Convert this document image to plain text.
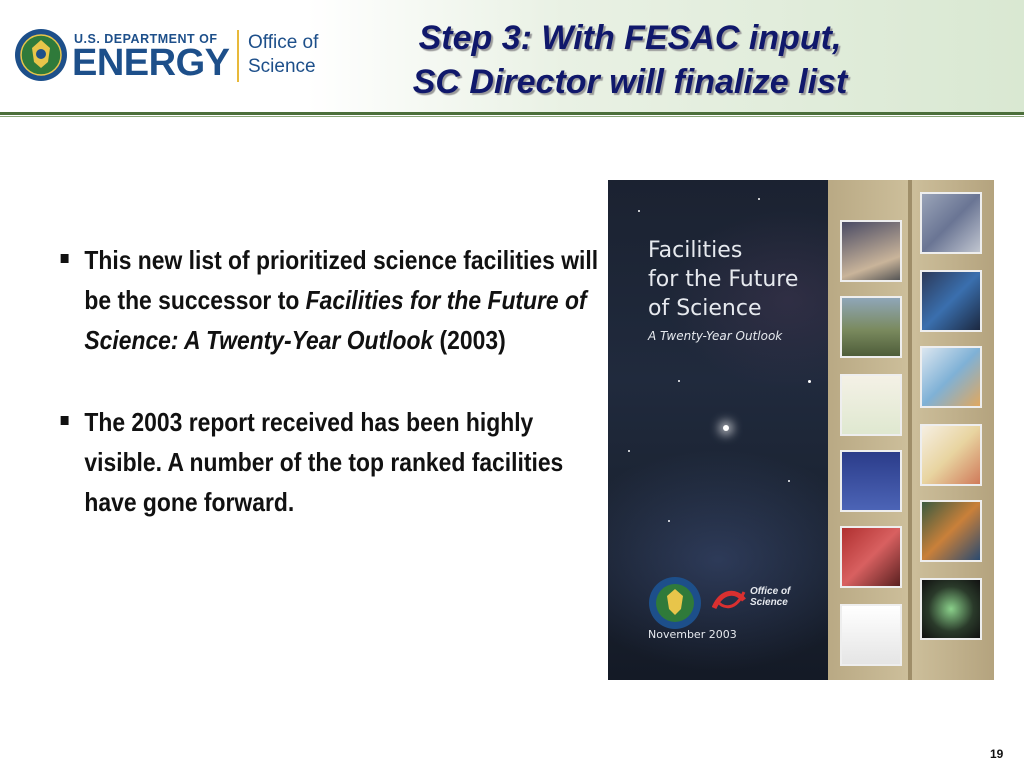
U.S. DEPARTMENT OF
ENERGY Office of
Science
Step 3: With FESAC input,
SC Director will finalize list
This new list of prioritized science facilities will be the successor to Facilities for the Future of Science: A Twenty-Year Outlook (2003)
The 2003 report received has been highly visible. A number of the top ranked facilities have gone forward.
Facilities
for the Future
of Science
A Twenty-Year Outlook
Office of
Science
November 2003
19
